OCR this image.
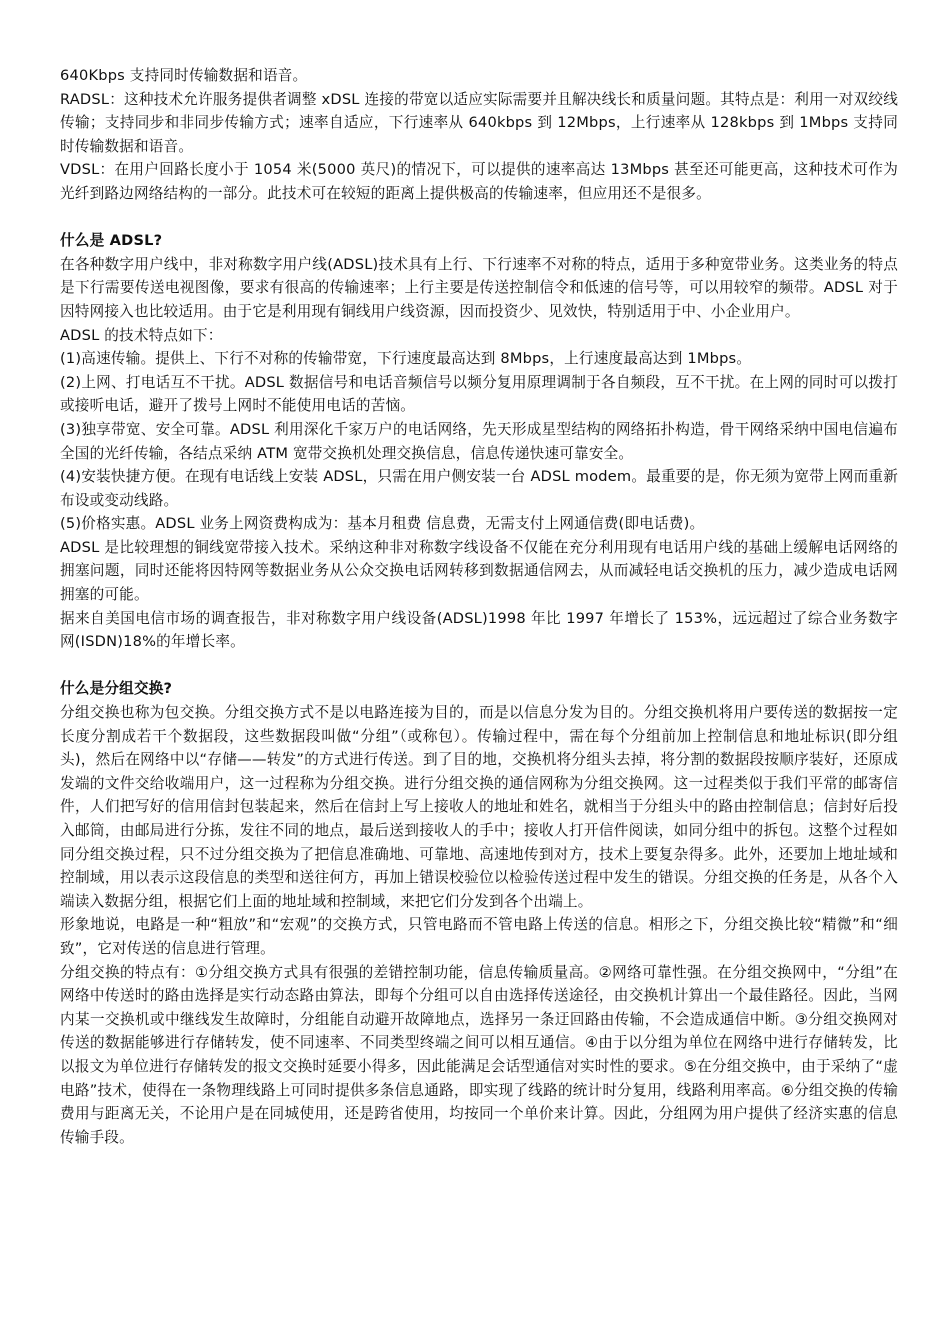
640Kbps 支持同时传输数据和语音。

RADSL：这种技术允许服务提供者调整 xDSL 连接的带宽以适应实际需要并且解决线长和质量问题。其特点是：利用一对双绞线传输；支持同步和非同步传输方式；速率自适应，下行速率从 640kbps 到 12Mbps，上行速率从 128kbps 到 1Mbps 支持同时传输数据和语音。

VDSL：在用户回路长度小于 1054 米(5000 英尺)的情况下，可以提供的速率高达 13Mbps 甚至还可能更高，这种技术可作为光纤到路边网络结构的一部分。此技术可在较短的距离上提供极高的传输速率，但应用还不是很多。

什么是 ADSL?

在各种数字用户线中，非对称数字用户线(ADSL)技术具有上行、下行速率不对称的特点，适用于多种宽带业务。这类业务的特点是下行需要传送电视图像，要求有很高的传输速率；上行主要是传送控制信令和低速的信号等，可以用较窄的频带。ADSL 对于因特网接入也比较适用。由于它是利用现有铜线用户线资源，因而投资少、见效快，特别适用于中、小企业用户。

ADSL 的技术特点如下：

(1)高速传输。提供上、下行不对称的传输带宽，下行速度最高达到 8Mbps，上行速度最高达到 1Mbps。

(2)上网、打电话互不干扰。ADSL 数据信号和电话音频信号以频分复用原理调制于各自频段，互不干扰。在上网的同时可以拨打或接听电话，避开了拨号上网时不能使用电话的苦恼。

(3)独享带宽、安全可靠。ADSL 利用深化千家万户的电话网络，先天形成星型结构的网络拓扑构造，骨干网络采纳中国电信遍布全国的光纤传输，各结点采纳 ATM 宽带交换机处理交换信息，信息传递快速可靠安全。

(4)安装快捷方便。在现有电话线上安装 ADSL，只需在用户侧安装一台 ADSL modem。最重要的是，你无须为宽带上网而重新布设或变动线路。

(5)价格实惠。ADSL 业务上网资费构成为：基本月租费 信息费，无需支付上网通信费(即电话费)。

ADSL 是比较理想的铜线宽带接入技术。采纳这种非对称数字线设备不仅能在充分利用现有电话用户线的基础上缓解电话网络的拥塞问题，同时还能将因特网等数据业务从公众交换电话网转移到数据通信网去，从而减轻电话交换机的压力，减少造成电话网拥塞的可能。

据来自美国电信市场的调查报告，非对称数字用户线设备(ADSL)1998 年比 1997 年增长了 153%，远远超过了综合业务数字网(ISDN)18%的年增长率。

什么是分组交换?

分组交换也称为包交换。分组交换方式不是以电路连接为目的，而是以信息分发为目的。分组交换机将用户要传送的数据按一定长度分割成若干个数据段，这些数据段叫做“分组”（或称包）。传输过程中，需在每个分组前加上控制信息和地址标识(即分组头)，然后在网络中以“存储——转发”的方式进行传送。到了目的地，交换机将分组头去掉，将分割的数据段按顺序装好，还原成发端的文件交给收端用户，这一过程称为分组交换。进行分组交换的通信网称为分组交换网。这一过程类似于我们平常的邮寄信件，人们把写好的信用信封包装起来，然后在信封上写上接收人的地址和姓名，就相当于分组头中的路由控制信息；信封好后投入邮筒，由邮局进行分拣，发往不同的地点，最后送到接收人的手中；接收人打开信件阅读，如同分组中的拆包。这整个过程如同分组交换过程，只不过分组交换为了把信息准确地、可靠地、高速地传到对方，技术上要复杂得多。此外，还要加上地址域和控制域，用以表示这段信息的类型和送往何方，再加上错误校验位以检验传送过程中发生的错误。分组交换的任务是，从各个入端读入数据分组，根据它们上面的地址域和控制域，来把它们分发到各个出端上。

形象地说，电路是一种“粗放”和“宏观”的交换方式，只管电路而不管电路上传送的信息。相形之下，分组交换比较“精微”和“细致”，它对传送的信息进行管理。

分组交换的特点有：①分组交换方式具有很强的差错控制功能，信息传输质量高。②网络可靠性强。在分组交换网中，“分组”在网络中传送时的路由选择是实行动态路由算法，即每个分组可以自由选择传送途径，由交换机计算出一个最佳路径。因此，当网内某一交换机或中继线发生故障时，分组能自动避开故障地点，选择另一条迂回路由传输，不会造成通信中断。③分组交换网对传送的数据能够进行存储转发，使不同速率、不同类型终端之间可以相互通信。④由于以分组为单位在网络中进行存储转发，比以报文为单位进行存储转发的报文交换时延要小得多，因此能满足会话型通信对实时性的要求。⑤在分组交换中，由于采纳了“虚电路”技术，使得在一条物理线路上可同时提供多条信息通路，即实现了线路的统计时分复用，线路利用率高。⑥分组交换的传输费用与距离无关，不论用户是在同城使用，还是跨省使用，均按同一个单价来计算。因此，分组网为用户提供了经济实惠的信息传输手段。
